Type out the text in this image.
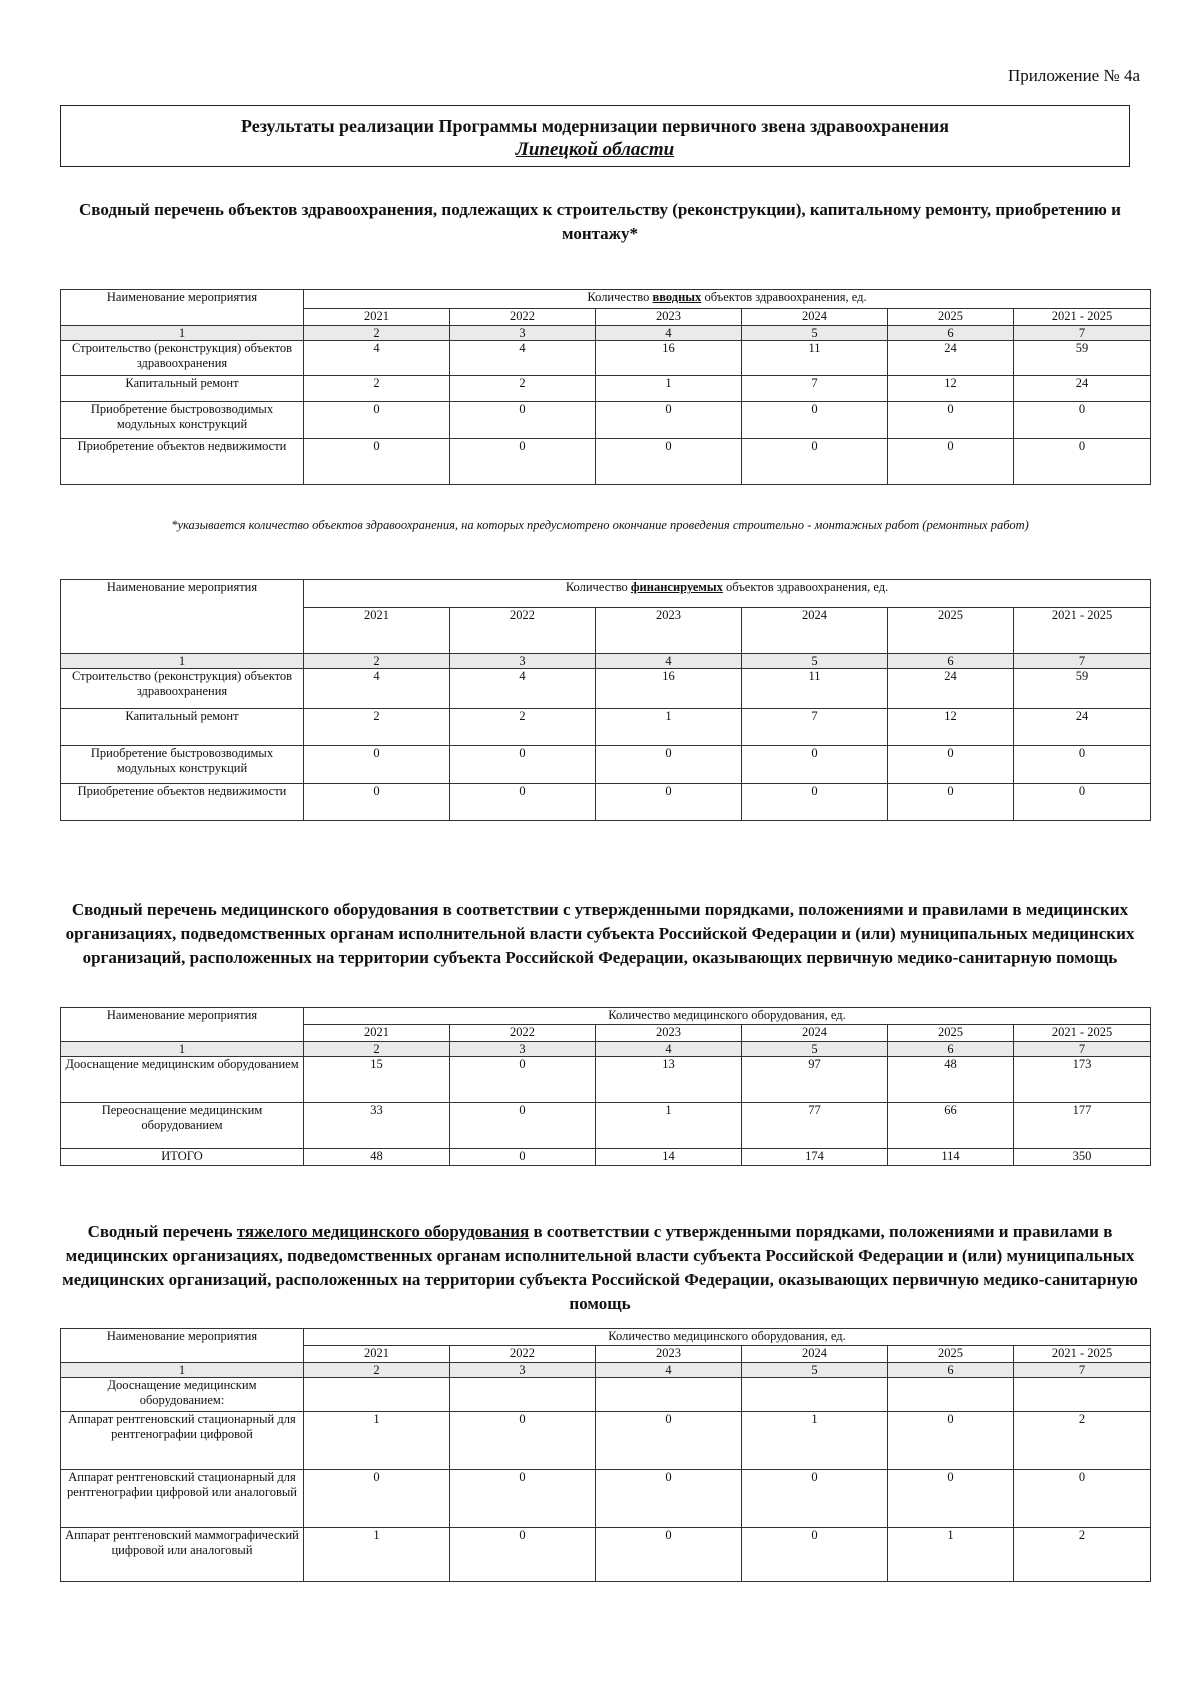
Приложение № 4а
Результаты реализации Программы модернизации первичного звена здравоохранения
Липецкой области
Сводный перечень объектов здравоохранения, подлежащих к строительству (реконструкции), капитальному ремонту, приобретению и монтажу*
Наименование мероприятия	Количество вводных объектов здравоохранения, ед.					
	2021	2022	2023	2024	2025	2021 - 2025
1	2	3	4	5	6	7
Строительство (реконструкция) объектов здравоохранения	4	4	16	11	24	59
Капитальный ремонт	2	2	1	7	12	24
Приобретение быстровозводимых модульных конструкций	0	0	0	0	0	0
Приобретение объектов недвижимости	0	0	0	0	0	0
*указывается количество объектов здравоохранения, на которых предусмотрено окончание проведения строительно - монтажных работ (ремонтных работ)
Наименование мероприятия	Количество финансируемых объектов здравоохранения, ед.					
	2021	2022	2023	2024	2025	2021 - 2025
1	2	3	4	5	6	7
Строительство (реконструкция) объектов здравоохранения	4	4	16	11	24	59
Капитальный ремонт	2	2	1	7	12	24
Приобретение быстровозводимых модульных конструкций	0	0	0	0	0	0
Приобретение объектов недвижимости	0	0	0	0	0	0
Сводный перечень медицинского оборудования в соответствии с утвержденными порядками, положениями и правилами в медицинских организациях, подведомственных органам исполнительной власти субъекта Российской Федерации и (или) муниципальных медицинских организаций, расположенных на территории субъекта Российской Федерации, оказывающих первичную медико-санитарную помощь
Наименование мероприятия	Количество медицинского оборудования, ед.					
	2021	2022	2023	2024	2025	2021 - 2025
1	2	3	4	5	6	7
Дооснащение медицинским оборудованием	15	0	13	97	48	173
Переоснащение медицинским оборудованием	33	0	1	77	66	177
ИТОГО	48	0	14	174	114	350
Сводный перечень тяжелого медицинского оборудования в соответствии с утвержденными порядками, положениями и правилами в медицинских организациях, подведомственных органам исполнительной власти субъекта Российской Федерации и (или) муниципальных медицинских организаций, расположенных на территории субъекта Российской Федерации, оказывающих первичную медико-санитарную помощь
Наименование мероприятия	Количество медицинского оборудования, ед.					
	2021	2022	2023	2024	2025	2021 - 2025
1	2	3	4	5	6	7
Дооснащение медицинским оборудованием:						
Аппарат рентгеновский стационарный для рентгенографии цифровой	1	0	0	1	0	2
Аппарат рентгеновский стационарный для рентгенографии цифровой или аналоговый	0	0	0	0	0	0
Аппарат рентгеновский маммографический цифровой или аналоговый	1	0	0	0	1	2
